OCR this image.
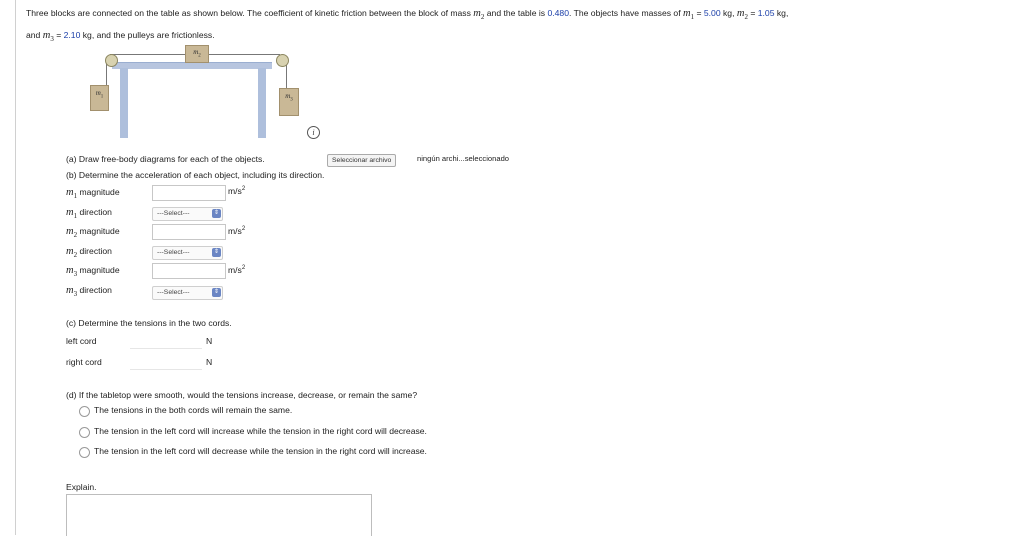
Three blocks are connected on the table as shown below. The coefficient of kinetic friction between the block of mass $m_2$ and the table is 0.480. The objects have masses of $m_1 = 5.00$ kg, $m_2 = 1.05$ kg,
and $m_3 = 2.10$ kg, and the pulleys are frictionless.
$m_2$
$m_1$	$m_3$
i
(a) Draw free-body diagrams for each of the objects.	Seleccionar archivo	ningún archi...seleccionado
(b) Determine the acceleration of each object, including its direction.
$m_1$ magnitude	$m/s^2$
$m_1$ direction	---Select---	⇕
$m_2$ magnitude	$m/s^2$
$m_2$ direction	---Select---	⇕
$m_3$ magnitude	$m/s^2$
$m_3$ direction	---Select---	⇕
(c) Determine the tensions in the two cords.
left cord	N
right cord	N
(d) If the tabletop were smooth, would the tensions increase, decrease, or remain the same?
The tensions in the both cords will remain the same.
The tension in the left cord will increase while the tension in the right cord will decrease.
The tension in the left cord will decrease while the tension in the right cord will increase.
Explain.
